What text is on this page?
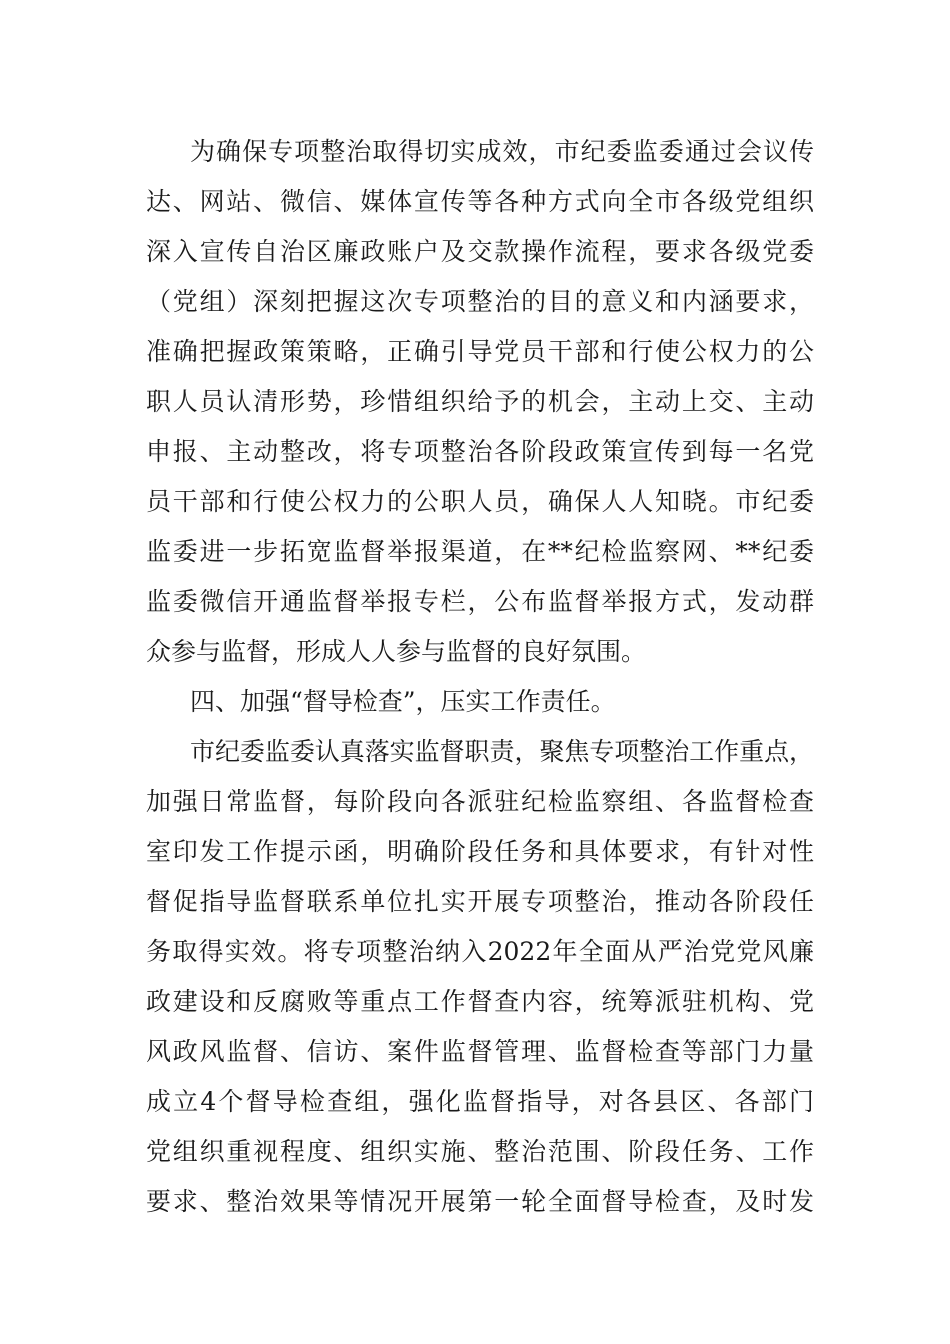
为确保专项整治取得切实成效，市纪委监委通过会议传
达、网站、微信、媒体宣传等各种方式向全市各级党组织
深入宣传自治区廉政账户及交款操作流程，要求各级党委
（党组）深刻把握这次专项整治的目的意义和内涵要求，
准确把握政策策略，正确引导党员干部和行使公权力的公
职人员认清形势，珍惜组织给予的机会，主动上交、主动
申报、主动整改，将专项整治各阶段政策宣传到每一名党
员干部和行使公权力的公职人员，确保人人知晓。市纪委
监委进一步拓宽监督举报渠道，在**纪检监察网、**纪委
监委微信开通监督举报专栏，公布监督举报方式，发动群
众参与监督，形成人人参与监督的良好氛围。
四、加强“督导检查”，压实工作责任。
市纪委监委认真落实监督职责，聚焦专项整治工作重点，
加强日常监督，每阶段向各派驻纪检监察组、各监督检查
室印发工作提示函，明确阶段任务和具体要求，有针对性
督促指导监督联系单位扎实开展专项整治，推动各阶段任
务取得实效。将专项整治纳入2022年全面从严治党党风廉
政建设和反腐败等重点工作督查内容，统筹派驻机构、党
风政风监督、信访、案件监督管理、监督检查等部门力量
成立4个督导检查组，强化监督指导，对各县区、各部门
党组织重视程度、组织实施、整治范围、阶段任务、工作
要求、整治效果等情况开展第一轮全面督导检查，及时发
